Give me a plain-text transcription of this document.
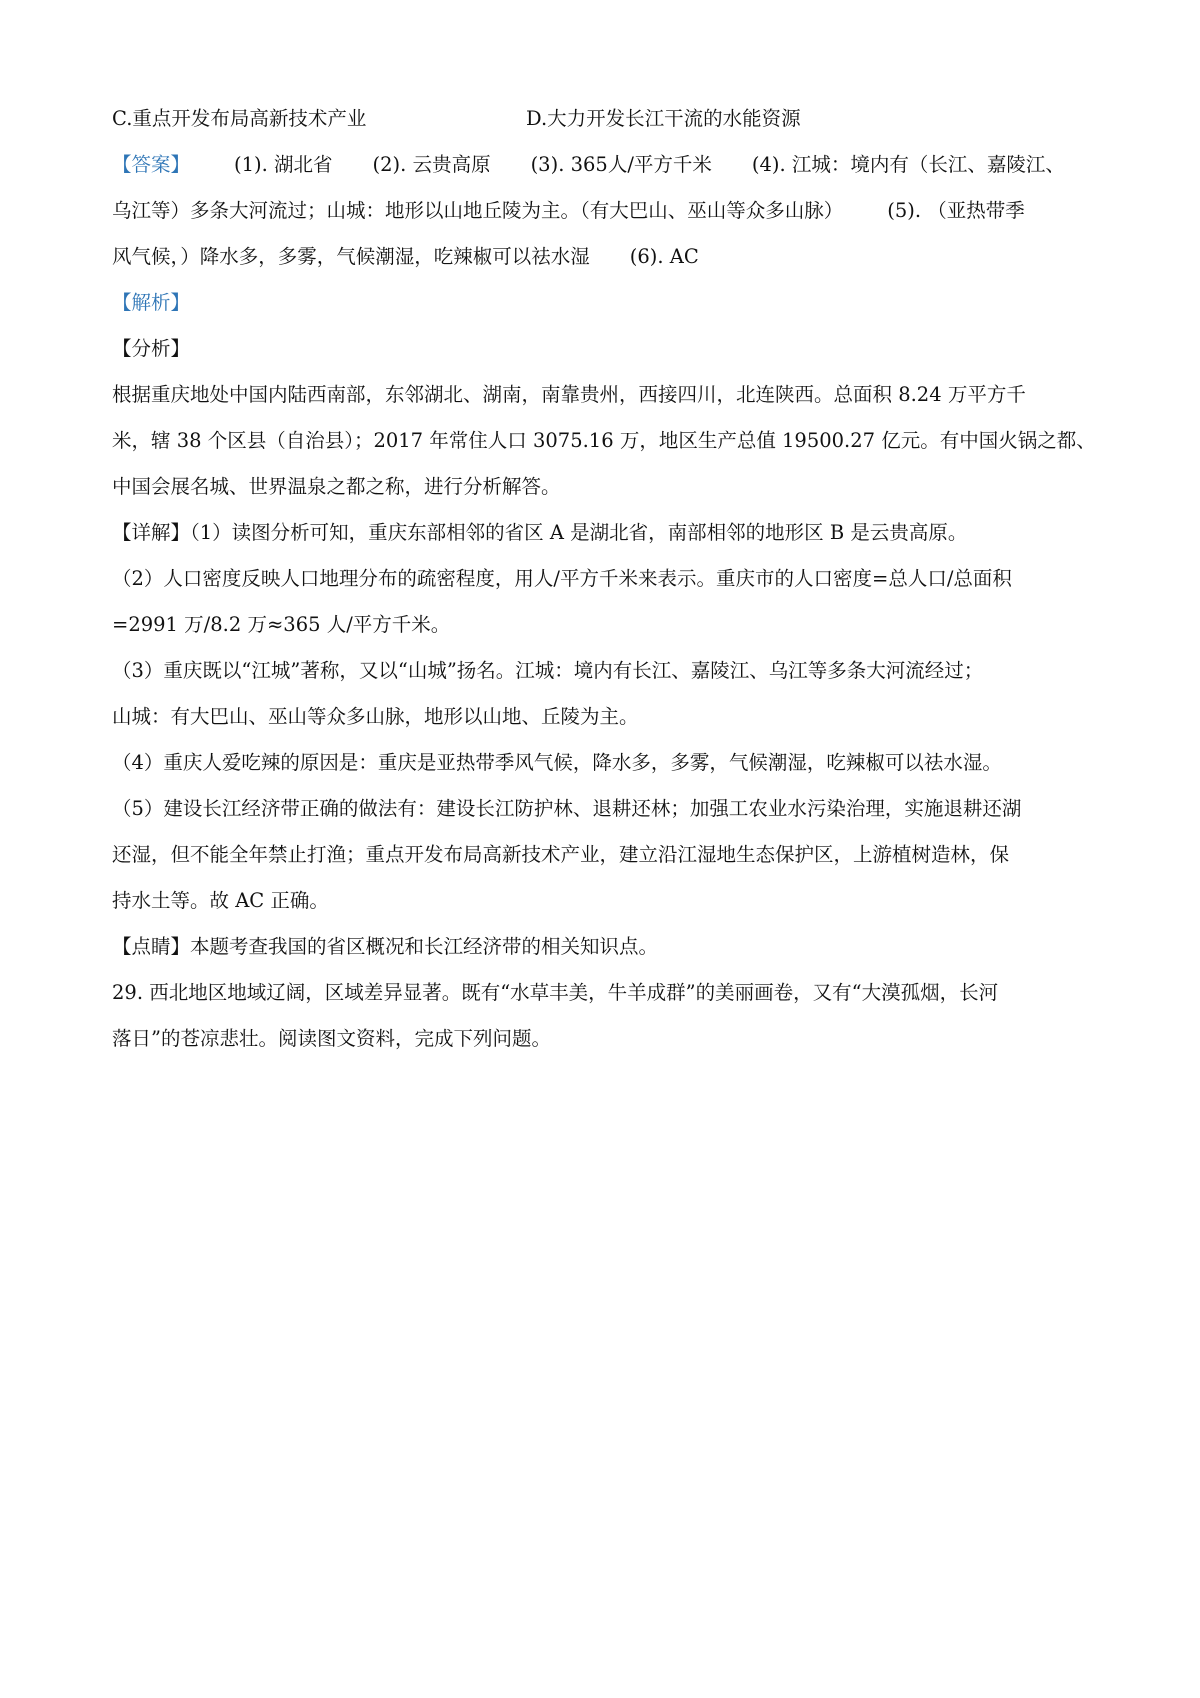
C.重点开发布局高新技术产业	D.大力开发长江干流的水能资源
【答案】 (1). 湖北省 (2). 云贵高原 (3). 365人/平方千米 (4). 江城：境内有（长江、嘉陵江、
乌江等）多条大河流过；山城：地形以山地丘陵为主。（有大巴山、巫山等众多山脉） (5). （亚热带季
风气候，）降水多，多雾，气候潮湿，吃辣椒可以祛水湿 (6). AC
【解析】
【分析】
根据重庆地处中国内陆西南部，东邻湖北、湖南，南靠贵州，西接四川，北连陕西。总面积 8.24 万平方千
米，辖 38 个区县（自治县）；2017 年常住人口 3075.16 万，地区生产总值 19500.27 亿元。有中国火锅之都、
中国会展名城、世界温泉之都之称，进行分析解答。
【详解】（1）读图分析可知，重庆东部相邻的省区 A 是湖北省，南部相邻的地形区 B 是云贵高原。
（2）人口密度反映人口地理分布的疏密程度，用人/平方千米来表示。重庆市的人口密度=总人口/总面积
=2991 万/8.2 万≈365 人/平方千米。
（3）重庆既以“江城”著称，又以“山城”扬名。江城：境内有长江、嘉陵江、乌江等多条大河流经过；
山城：有大巴山、巫山等众多山脉，地形以山地、丘陵为主。
（4）重庆人爱吃辣的原因是：重庆是亚热带季风气候，降水多，多雾，气候潮湿，吃辣椒可以祛水湿。
（5）建设长江经济带正确的做法有：建设长江防护林、退耕还林；加强工农业水污染治理，实施退耕还湖
还湿，但不能全年禁止打渔；重点开发布局高新技术产业，建立沿江湿地生态保护区，上游植树造林，保
持水土等。故 AC 正确。
【点睛】本题考查我国的省区概况和长江经济带的相关知识点。
29. 西北地区地域辽阔，区域差异显著。既有“水草丰美，牛羊成群”的美丽画卷，又有“大漠孤烟，长河
落日”的苍凉悲壮。阅读图文资料，完成下列问题。
